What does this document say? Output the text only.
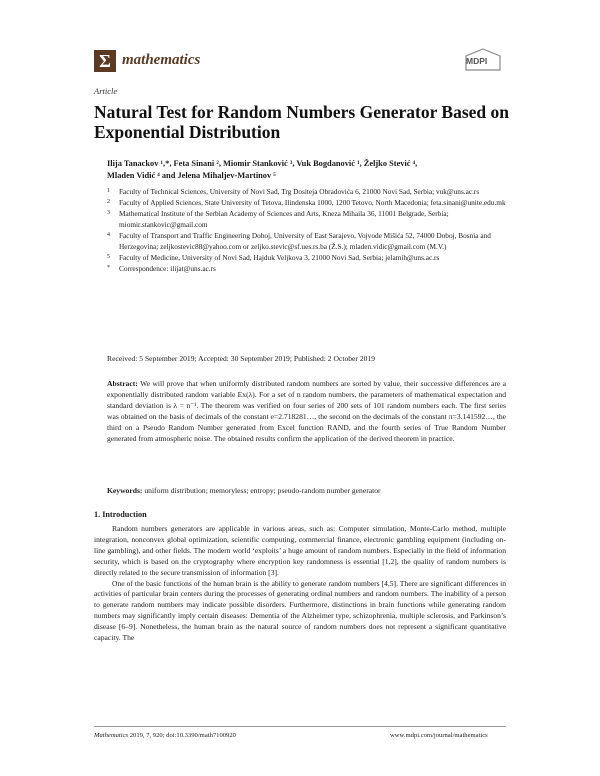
Σ mathematics	MDPI
Article
Natural Test for Random Numbers Generator Based on Exponential Distribution
Ilija Tanackov ¹,*, Feta Sinani ², Miomir Stanković ³, Vuk Bogdanović ¹, Željko Stević ⁴,
Mladen Vidić ⁴ and Jelena Mihaljev-Martinov ⁵
1	Faculty of Technical Sciences, University of Novi Sad, Trg Dositeja Obradovića 6, 21000 Novi Sad, Serbia; vuk@uns.ac.rs
2	Faculty of Applied Sciences, State University of Tetova, Ilindenska 1000, 1200 Tetovo, North Macedonia; feta.sinani@unite.edu.mk
3	Mathematical Institute of the Serbian Academy of Sciences and Arts, Kneza Mihaila 36, 11001 Belgrade, Serbia; miomir.stankovic@gmail.com
4	Faculty of Transport and Traffic Engineering Doboj, University of East Sarajevo, Vojvode Mišića 52, 74000 Doboj, Bosnia and Herzegovina; zeljkostevic88@yahoo.com or zeljko.stevic@sf.ues.rs.ba (Ž.S.); mladen.vidic@gmail.com (M.V.)
5	Faculty of Medicine, University of Novi Sad, Hajduk Veljkova 3, 21000 Novi Sad, Serbia; jelamih@uns.ac.rs
*	Correspondence: ilijat@uns.ac.rs
Received: 5 September 2019; Accepted: 30 September 2019; Published: 2 October 2019
Abstract: We will prove that when uniformly distributed random numbers are sorted by value, their successive differences are a exponentially distributed random variable Ex(λ). For a set of n random numbers, the parameters of mathematical expectation and standard deviation is λ = n⁻¹. The theorem was verified on four series of 200 sets of 101 random numbers each. The first series was obtained on the basis of decimals of the constant e=2.718281…, the second on the decimals of the constant π=3.141592…, the third on a Pseudo Random Number generated from Excel function RAND, and the fourth series of True Random Number generated from atmospheric noise. The obtained results confirm the application of the derived theorem in practice.
Keywords: uniform distribution; memoryless; entropy; pseudo-random number generator
1. Introduction

Random numbers generators are applicable in various areas, such as: Computer simulation, Monte-Carlo method, multiple integration, nonconvex global optimization, scientific computing, commercial finance, electronic gambling equipment (including on-line gambling), and other fields. The modern world ‘exploits’ a huge amount of random numbers. Especially in the field of information security, which is based on the cryptography where encryption key randomness is essential [1,2], the quality of random numbers is directly related to the secure transmission of information [3].

One of the basic functions of the human brain is the ability to generate random numbers [4,5]. There are significant differences in activities of particular brain centers during the processes of generating ordinal numbers and random numbers. The inability of a person to generate random numbers may indicate possible disorders. Furthermore, distinctions in brain functions while generating random numbers may significantly imply certain diseases: Dementia of the Alzheimer type, schizophrenia, multiple sclerosis, and Parkinson’s disease [6–9]. Nonetheless, the human brain as the natural source of random numbers does not represent a significant quantitative capacity. The

Mathematics 2019, 7, 920; doi:10.3390/math7100920	www.mdpi.com/journal/mathematics
